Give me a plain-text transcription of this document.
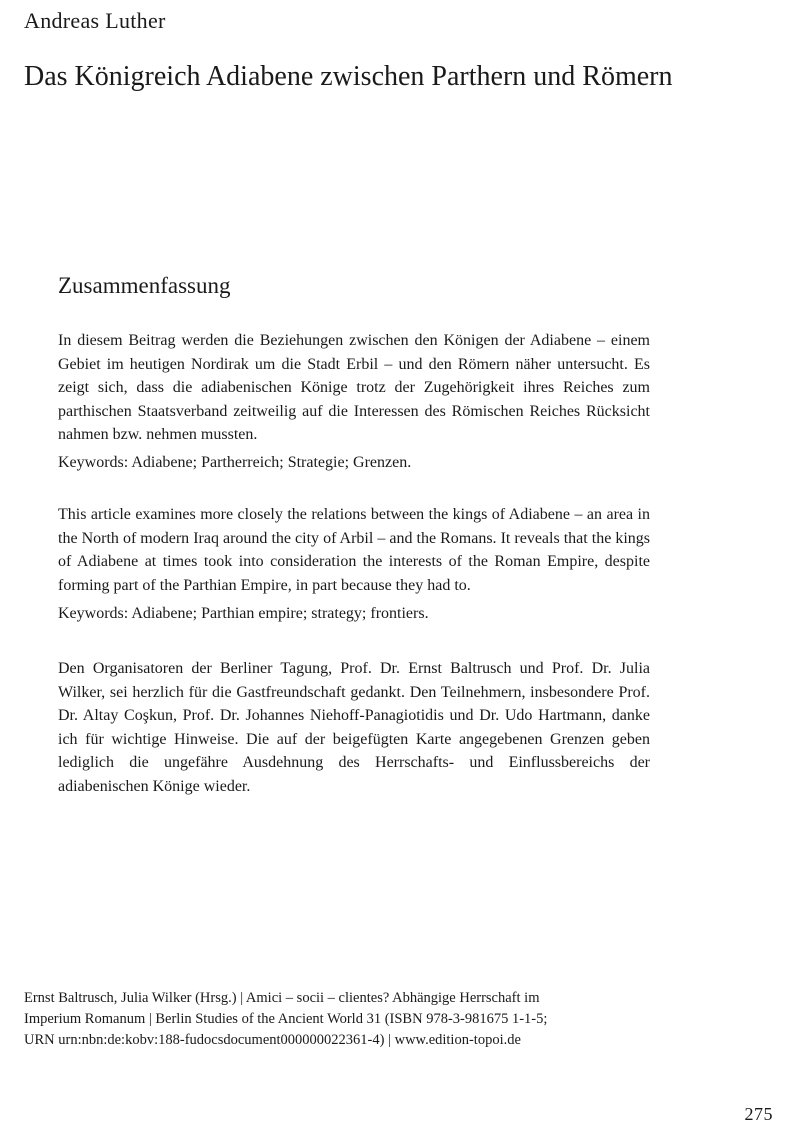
Andreas Luther
Das Königreich Adiabene zwischen Parthern und Römern
Zusammenfassung

In diesem Beitrag werden die Beziehungen zwischen den Königen der Adiabene – einem Gebiet im heutigen Nordirak um die Stadt Erbil – und den Römern näher untersucht. Es zeigt sich, dass die adiabenischen Könige trotz der Zugehörigkeit ihres Reiches zum parthischen Staatsverband zeitweilig auf die Interessen des Römischen Reiches Rücksicht nahmen bzw. nehmen mussten.

Keywords: Adiabene; Partherreich; Strategie; Grenzen.

This article examines more closely the relations between the kings of Adiabene – an area in the North of modern Iraq around the city of Arbil – and the Romans. It reveals that the kings of Adiabene at times took into consideration the interests of the Roman Empire, despite forming part of the Parthian Empire, in part because they had to.

Keywords: Adiabene; Parthian empire; strategy; frontiers.

Den Organisatoren der Berliner Tagung, Prof. Dr. Ernst Baltrusch und Prof. Dr. Julia Wilker, sei herzlich für die Gastfreundschaft gedankt. Den Teilnehmern, insbesondere Prof. Dr. Altay Coşkun, Prof. Dr. Johannes Niehoff-Panagiotidis und Dr. Udo Hartmann, danke ich für wichtige Hinweise. Die auf der beigefügten Karte angegebenen Grenzen geben lediglich die ungefähre Ausdehnung des Herrschafts- und Einflussbereichs der adiabenischen Könige wieder.

Ernst Baltrusch, Julia Wilker (Hrsg.) | Amici – socii – clientes? Abhängige Herrschaft im
Imperium Romanum | Berlin Studies of the Ancient World 31 (ISBN 978-3-981675 1-1-5;
URN urn:nbn:de:kobv:188-fudocsdocument000000022361-4) | www.edition-topoi.de
275
